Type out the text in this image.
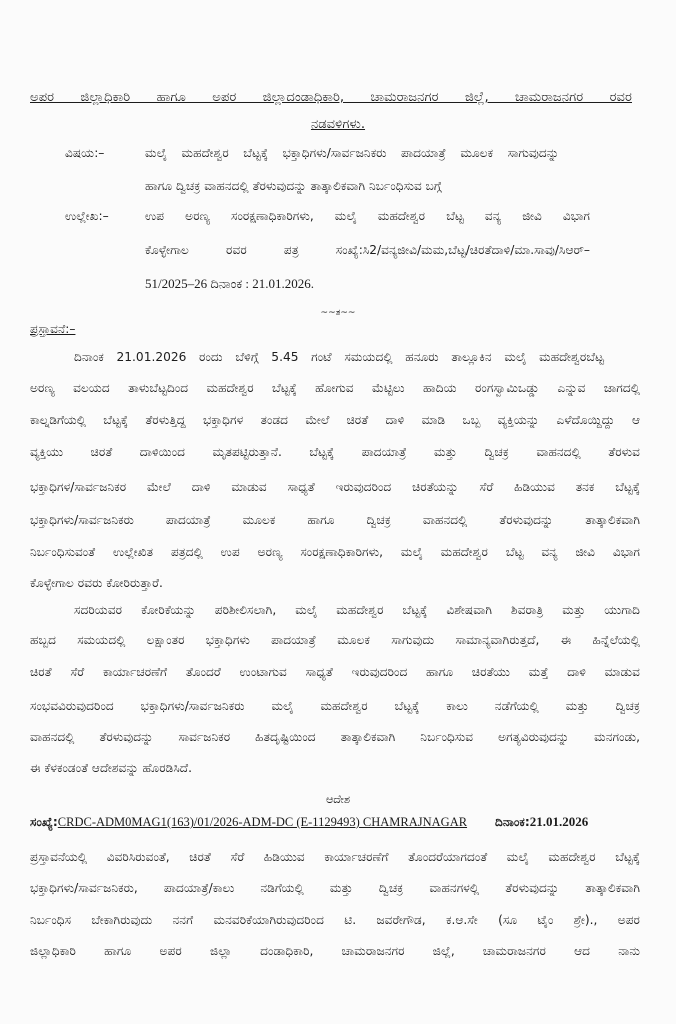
ಅಪರ ಜಿಲ್ಲಾಧಿಕಾರಿ ಹಾಗೂ ಅಪರ ಜಿಲ್ಲಾದಂಡಾಧಿಕಾರಿ, ಚಾಮರಾಜನಗರ ಜಿಲ್ಲೆ, ಚಾಮರಾಜನಗರ ರವರ
ನಡವಳಿಗಳು.
ವಿಷಯ:–	ಮಲೈ ಮಹದೇಶ್ವರ ಬೆಟ್ಟಕ್ಕೆ ಭಕ್ತಾಧಿಗಳು/ಸಾರ್ವಜನಿಕರು ಪಾದಯಾತ್ರೆ ಮೂಲಕ ಸಾಗುವುದನ್ನು
ಹಾಗೂ ದ್ವಿಚಕ್ರ ವಾಹನದಲ್ಲಿ ತೆರಳುವುದನ್ನು ತಾತ್ಕಾಲಿಕವಾಗಿ ನಿರ್ಬಂಧಿಸುವ ಬಗ್ಗೆ
ಉಲ್ಲೇಖ:–	ಉಪ ಅರಣ್ಯ ಸಂರಕ್ಷಣಾಧಿಕಾರಿಗಳು, ಮಲೈ ಮಹದೇಶ್ವರ ಬೆಟ್ಟ ವನ್ಯ ಜೀವಿ ವಿಭಾಗ
ಕೊಳ್ಳೇಗಾಲ ರವರ ಪತ್ರ ಸಂಖ್ಯೆ:ಸಿ2/ವನ್ಯಜೀವಿ/ಮಮ,ಬೆಟ್ಟ/ಚಿರತೆದಾಳಿ/ಮಾ.ಸಾವು/ಸಿಆರ್–
51/2025–26 ದಿನಾಂಕ : 21.01.2026.
~~ತ~~
ಪ್ರಸ್ತಾವನೆ:–
ದಿನಾಂಕ 21.01.2026 ರಂದು ಬೆಳಿಗ್ಗೆ 5.45 ಗಂಟೆ ಸಮಯದಲ್ಲಿ ಹನೂರು ತಾಲ್ಲೂಕಿನ ಮಲೈ ಮಹದೇಶ್ವರಬೆಟ್ಟ
ಅರಣ್ಯ ವಲಯದ ತಾಳುಬೆಟ್ಟದಿಂದ ಮಹದೇಶ್ವರ ಬೆಟ್ಟಕ್ಕೆ ಹೋಗುವ ಮೆಟ್ಟಿಲು ಹಾದಿಯ ರಂಗಸ್ವಾಮಿಒಡ್ಡು ಎನ್ನುವ ಜಾಗದಲ್ಲಿ
ಕಾಲ್ನಡಿಗೆಯಲ್ಲಿ ಬೆಟ್ಟಕ್ಕೆ ತೆರಳುತ್ತಿದ್ದ ಭಕ್ತಾಧಿಗಳ ತಂಡದ ಮೇಲೆ ಚಿರತೆ ದಾಳಿ ಮಾಡಿ ಒಬ್ಬ ವ್ಯಕ್ತಿಯನ್ನು ಎಳೆದೊಯ್ದಿದ್ದು ಆ
ವ್ಯಕ್ತಿಯು ಚಿರತೆ ದಾಳಿಯಿಂದ ಮೃತಪಟ್ಟಿರುತ್ತಾನೆ. ಬೆಟ್ಟಕ್ಕೆ ಪಾದಯಾತ್ರೆ ಮತ್ತು ದ್ವಿಚಕ್ರ ವಾಹನದಲ್ಲಿ ತೆರಳುವ
ಭಕ್ತಾಧಿಗಳ/ಸಾರ್ವಜನಿಕರ ಮೇಲೆ ದಾಳಿ ಮಾಡುವ ಸಾಧ್ಯತೆ ಇರುವುದರಿಂದ ಚಿರತೆಯನ್ನು ಸೆರೆ ಹಿಡಿಯುವ ತನಕ ಬೆಟ್ಟಕ್ಕೆ
ಭಕ್ತಾಧಿಗಳು/ಸಾರ್ವಜನಿಕರು ಪಾದಯಾತ್ರೆ ಮೂಲಕ ಹಾಗೂ ದ್ವಿಚಕ್ರ ವಾಹನದಲ್ಲಿ ತೆರಳುವುದನ್ನು ತಾತ್ಕಾಲಿಕವಾಗಿ
ನಿರ್ಬಂಧಿಸುವಂತೆ ಉಲ್ಲೇಖಿತ ಪತ್ರದಲ್ಲಿ ಉಪ ಅರಣ್ಯ ಸಂರಕ್ಷಣಾಧಿಕಾರಿಗಳು, ಮಲೈ ಮಹದೇಶ್ವರ ಬೆಟ್ಟ ವನ್ಯ ಜೀವಿ ವಿಭಾಗ
ಕೊಳ್ಳೇಗಾಲ ರವರು ಕೋರಿರುತ್ತಾರೆ.
ಸದರಿಯವರ ಕೋರಿಕೆಯನ್ನು ಪರಿಶೀಲಿಸಲಾಗಿ, ಮಲೈ ಮಹದೇಶ್ವರ ಬೆಟ್ಟಕ್ಕೆ ವಿಶೇಷವಾಗಿ ಶಿವರಾತ್ರಿ ಮತ್ತು ಯುಗಾದಿ
ಹಬ್ಬದ ಸಮಯದಲ್ಲಿ ಲಕ್ಷಾಂತರ ಭಕ್ತಾಧಿಗಳು ಪಾದಯಾತ್ರೆ ಮೂಲಕ ಸಾಗುವುದು ಸಾಮಾನ್ಯವಾಗಿರುತ್ತದೆ, ಈ ಹಿನ್ನೆಲೆಯಲ್ಲಿ
ಚಿರತೆ ಸೆರೆ ಕಾರ್ಯಾಚರಣೆಗೆ ತೊಂದರೆ ಉಂಟಾಗುವ ಸಾಧ್ಯತೆ ಇರುವುದರಿಂದ ಹಾಗೂ ಚಿರತೆಯು ಮತ್ತೆ ದಾಳಿ ಮಾಡುವ
ಸಂಭವವಿರುವುದರಿಂದ ಭಕ್ತಾಧಿಗಳು/ಸಾರ್ವಜನಿಕರು ಮಲೈ ಮಹದೇಶ್ವರ ಬೆಟ್ಟಕ್ಕೆ ಕಾಲು ನಡೆಗೆಯಲ್ಲಿ ಮತ್ತು ದ್ವಿಚಕ್ರ
ವಾಹನದಲ್ಲಿ ತೆರಳುವುದನ್ನು ಸಾರ್ವಜನಿಕರ ಹಿತದೃಷ್ಟಿಯಿಂದ ತಾತ್ಕಾಲಿಕವಾಗಿ ನಿರ್ಬಂಧಿಸುವ ಅಗತ್ಯವಿರುವುದನ್ನು ಮನಗಂಡು,
ಈ ಕೆಳಕಂಡಂತೆ ಆದೇಶವನ್ನು ಹೊರಡಿಸಿದೆ.
ಆದೇಶ
ಸಂಖ್ಯೆ:CRDC-ADM0MAG1(163)/01/2026-ADM-DC (E-1129493) CHAMRAJNAGAR ದಿನಾಂಕ:21.01.2026
ಪ್ರಸ್ತಾವನೆಯಲ್ಲಿ ವಿವರಿಸಿರುವಂತೆ, ಚಿರತೆ ಸೆರೆ ಹಿಡಿಯುವ ಕಾರ್ಯಾಚರಣೆಗೆ ತೊಂದರೆಯಾಗದಂತೆ ಮಲೈ ಮಹದೇಶ್ವರ ಬೆಟ್ಟಕ್ಕೆ
ಭಕ್ತಾಧಿಗಳು/ಸಾರ್ವಜನಿಕರು, ಪಾದಯಾತ್ರೆ/ಕಾಲು ನಡಿಗೆಯಲ್ಲಿ ಮತ್ತು ದ್ವಿಚಕ್ರ ವಾಹನಗಳಲ್ಲಿ ತೆರಳುವುದನ್ನು ತಾತ್ಕಾಲಿಕವಾಗಿ
ನಿರ್ಬಂಧಿಸ ಬೇಕಾಗಿರುವುದು ನನಗೆ ಮನವರಿಕೆಯಾಗಿರುವುದರಿಂದ ಟಿ. ಜವರೇಗೌಡ, ಕ.ಆ.ಸೇ (ಸೂ ಟೈಂ ಶ್ರೇ)., ಅಪರ
ಜಿಲ್ಲಾಧಿಕಾರಿ ಹಾಗೂ ಅಪರ ಜಿಲ್ಲಾ ದಂಡಾಧಿಕಾರಿ, ಚಾಮರಾಜನಗರ ಜಿಲ್ಲೆ, ಚಾಮರಾಜನಗರ ಆದ ನಾನು
